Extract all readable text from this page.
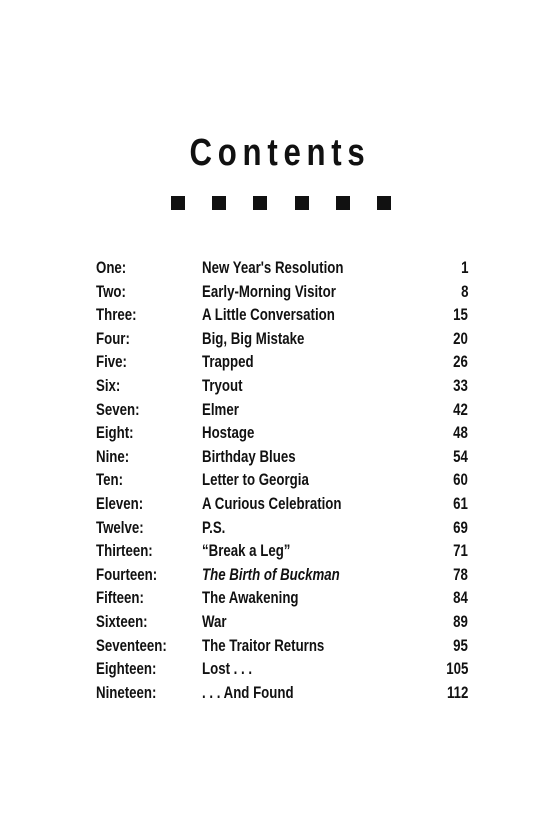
Contents
One:	New Year's Resolution	1
Two:	Early-Morning Visitor	8
Three:	A Little Conversation	15
Four:	Big, Big Mistake	20
Five:	Trapped	26
Six:	Tryout	33
Seven:	Elmer	42
Eight:	Hostage	48
Nine:	Birthday Blues	54
Ten:	Letter to Georgia	60
Eleven:	A Curious Celebration	61
Twelve:	P.S.	69
Thirteen:	“Break a Leg”	71
Fourteen:	The Birth of Buckman	78
Fifteen:	The Awakening	84
Sixteen:	War	89
Seventeen: The Traitor Returns	95
Eighteen:	Lost . . .	105
Nineteen:	. . . And Found	112
